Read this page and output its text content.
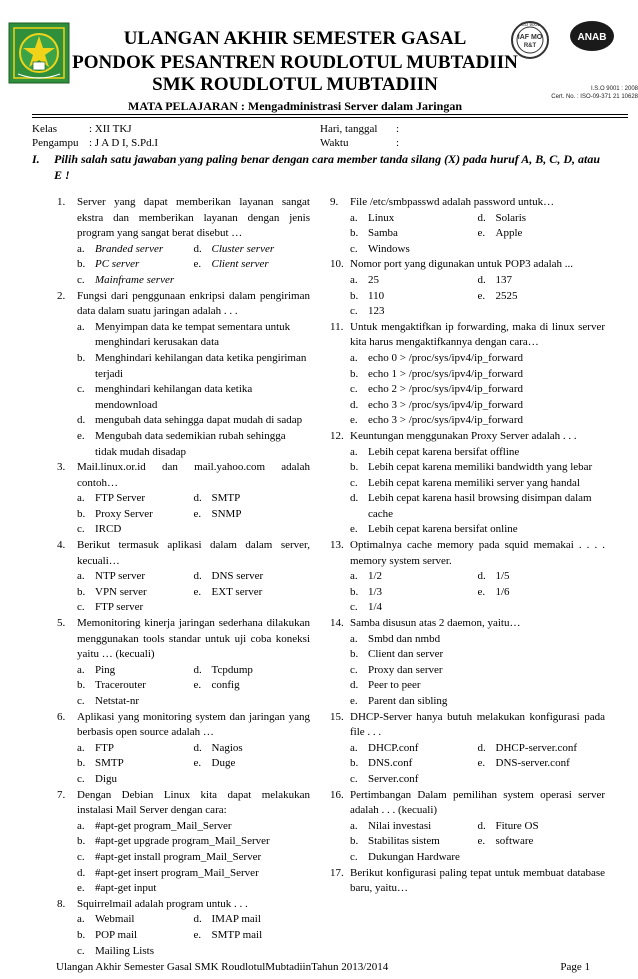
ULANGAN AKHIR SEMESTER GASAL
PONDOK PESANTREN ROUDLOTUL MUBTADIIN
SMK ROUDLOTUL MUBTADIIN
MATA PELAJARAN : Mengadministrasi Server dalam Jaringan
ISO 9001
IAF MO
R&T
ANAB
I.S.O 9001 : 2008
Cert. No. : ISO-09-371 21 10628
Kelas	: XII TKJ
Pengampu : J A D I, S.Pd.I
Hari, tanggal :
Waktu	:
I.	Pilih salah satu jawaban yang paling benar dengan cara member tanda silang (X) pada huruf A, B, C, D, atau E !
1. Server yang dapat memberikan layanan sangat ekstra dan memberikan layanan dengan jenis program yang sangat berat disebut …
a. Branded server	d. Cluster server
b. PC server	e. Client server
c. Mainframe server
2. Fungsi dari penggunaan enkripsi dalam pengiriman data dalam suatu jaringan adalah . . .
a. Menyimpan data ke tempat sementara untuk menghindari kerusakan data
b. Menghindari kehilangan data ketika pengiriman terjadi
c. menghindari kehilangan data ketika mendownload
d. mengubah data sehingga dapat mudah di sadap
e. Mengubah data sedemikian rubah sehingga tidak mudah disadap
3. Mail.linux.or.id dan mail.yahoo.com adalah contoh…
a. FTP Server	d. SMTP
b. Proxy Server	e. SNMP
c. IRCD
4. Berikut termasuk aplikasi dalam dalam server, kecuali…
a. NTP server	d. DNS server
b. VPN server	e. EXT server
c. FTP server
5. Memonitoring kinerja jaringan sederhana dilakukan menggunakan tools standar untuk uji coba koneksi yaitu … (kecuali)
a. Ping	d. Tcpdump
b. Tracerouter	e. config
c. Netstat-nr
6. Aplikasi yang monitoring system dan jaringan yang berbasis open source adalah …
a. FTP	d. Nagios
b. SMTP	e. Duge
c. Digu
7. Dengan Debian Linux kita dapat melakukan instalasi Mail Server dengan cara:
a. #apt-get program_Mail_Server
b. #apt-get upgrade program_Mail_Server
c. #apt-get install program_Mail_Server
d. #apt-get insert program_Mail_Server
e. #apt-get input
8. Squirrelmail adalah program untuk . . .
a. Webmail	d. IMAP mail
b. POP mail	e. SMTP mail
c. Mailing Lists
9. File /etc/smbpasswd adalah password untuk…
a. Linux	d. Solaris
b. Samba	e. Apple
c. Windows
10. Nomor port yang digunakan untuk POP3 adalah ...
a. 25	d. 137
b. 110	e. 2525
c. 123
11. Untuk mengaktifkan ip forwarding, maka di linux server kita harus mengaktifkannya dengan cara…
a. echo 0 > /proc/sys/ipv4/ip_forward
b. echo 1 > /proc/sys/ipv4/ip_forward
c. echo 2 > /proc/sys/ipv4/ip_forward
d. echo 3 > /proc/sys/ipv4/ip_forward
e. echo 3 > /proc/sys/ipv4/ip_forward
12. Keuntungan menggunakan Proxy Server adalah . . .
a. Lebih cepat karena bersifat offline
b. Lebih cepat karena memiliki bandwidth yang lebar
c. Lebih cepat karena memiliki server yang handal
d. Lebih cepat karena hasil browsing disimpan dalam cache
e. Lebih cepat karena bersifat online
13. Optimalnya cache memory pada squid memakai . . . . memory system server.
a. 1/2	d. 1/5
b. 1/3	e. 1/6
c. 1/4
14. Samba disusun atas 2 daemon, yaitu…
a. Smbd dan nmbd
b. Client dan server
c. Proxy dan server
d. Peer to peer
e. Parent dan sibling
15. DHCP-Server hanya butuh melakukan konfigurasi pada file . . .
a. DHCP.conf	d. DHCP-server.conf
b. DNS.conf	e. DNS-server.conf
c. Server.conf
16. Pertimbangan Dalam pemilihan system operasi server adalah . . . (kecuali)
a. Nilai investasi	d. Fiture OS
b. Stabilitas sistem	e. software
c. Dukungan Hardware
17. Berikut konfigurasi paling tepat untuk membuat database baru, yaitu…
Ulangan Akhir Semester Gasal SMK RoudlotulMubtadiinTahun 2013/2014	Page 1
